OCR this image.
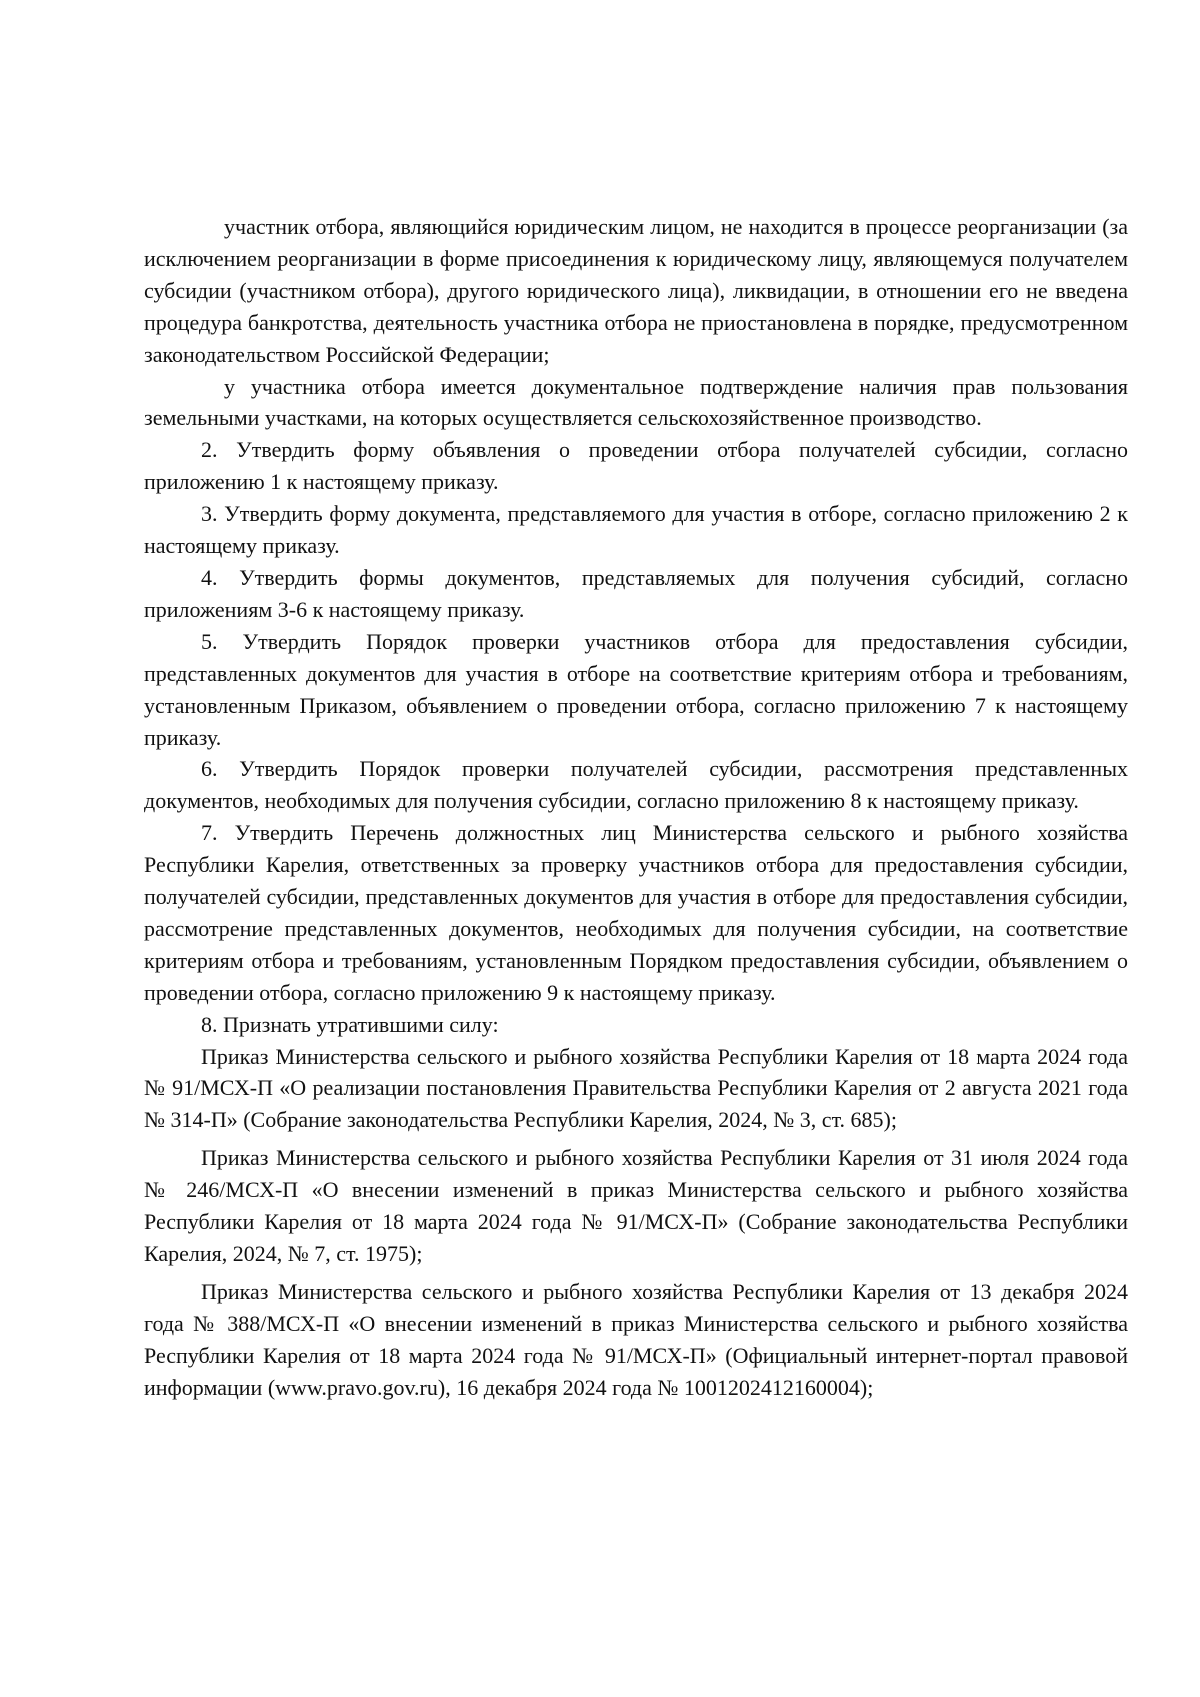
участник отбора, являющийся юридическим лицом, не находится в процессе реорганизации (за исключением реорганизации в форме присоединения к юридическому лицу, являющемуся получателем субсидии (участником отбора), другого юридического лица), ликвидации, в отношении его не введена процедура банкротства, деятельность участника отбора не приостановлена в порядке, предусмотренном законодательством Российской Федерации;

у участника отбора имеется документальное подтверждение наличия прав пользования земельными участками, на которых осуществляется сельскохозяйственное производство.

2. Утвердить форму объявления о проведении отбора получателей субсидии, согласно приложению 1 к настоящему приказу.

3. Утвердить форму документа, представляемого для участия в отборе, согласно приложению 2 к настоящему приказу.

4. Утвердить формы документов, представляемых для получения субсидий, согласно приложениям 3-6 к настоящему приказу.

5. Утвердить Порядок проверки участников отбора для предоставления субсидии, представленных документов для участия в отборе на соответствие критериям отбора и требованиям, установленным Приказом, объявлением о проведении отбора, согласно приложению 7 к настоящему приказу.

6. Утвердить Порядок проверки получателей субсидии, рассмотрения представленных документов, необходимых для получения субсидии, согласно приложению 8 к настоящему приказу.

7. Утвердить Перечень должностных лиц Министерства сельского и рыбного хозяйства Республики Карелия, ответственных за проверку участников отбора для предоставления субсидии, получателей субсидии, представленных документов для участия в отборе для предоставления субсидии, рассмотрение представленных документов, необходимых для получения субсидии, на соответствие критериям отбора и требованиям, установленным Порядком предоставления субсидии, объявлением о проведении отбора, согласно приложению 9 к настоящему приказу.

8. Признать утратившими силу:

Приказ Министерства сельского и рыбного хозяйства Республики Карелия от 18 марта 2024 года № 91/МСХ-П «О реализации постановления Правительства Республики Карелия от 2 августа 2021 года № 314-П» (Собрание законодательства Республики Карелия, 2024, № 3, ст. 685);

Приказ Министерства сельского и рыбного хозяйства Республики Карелия от 31 июля 2024 года № 246/МСХ-П «О внесении изменений в приказ Министерства сельского и рыбного хозяйства Республики Карелия от 18 марта 2024 года № 91/МСХ-П» (Собрание законодательства Республики Карелия, 2024, № 7, ст. 1975);

Приказ Министерства сельского и рыбного хозяйства Республики Карелия от 13 декабря 2024 года № 388/МСХ-П «О внесении изменений в приказ Министерства сельского и рыбного хозяйства Республики Карелия от 18 марта 2024 года № 91/МСХ-П» (Официальный интернет-портал правовой информации (www.pravo.gov.ru), 16 декабря 2024 года № 1001202412160004);
